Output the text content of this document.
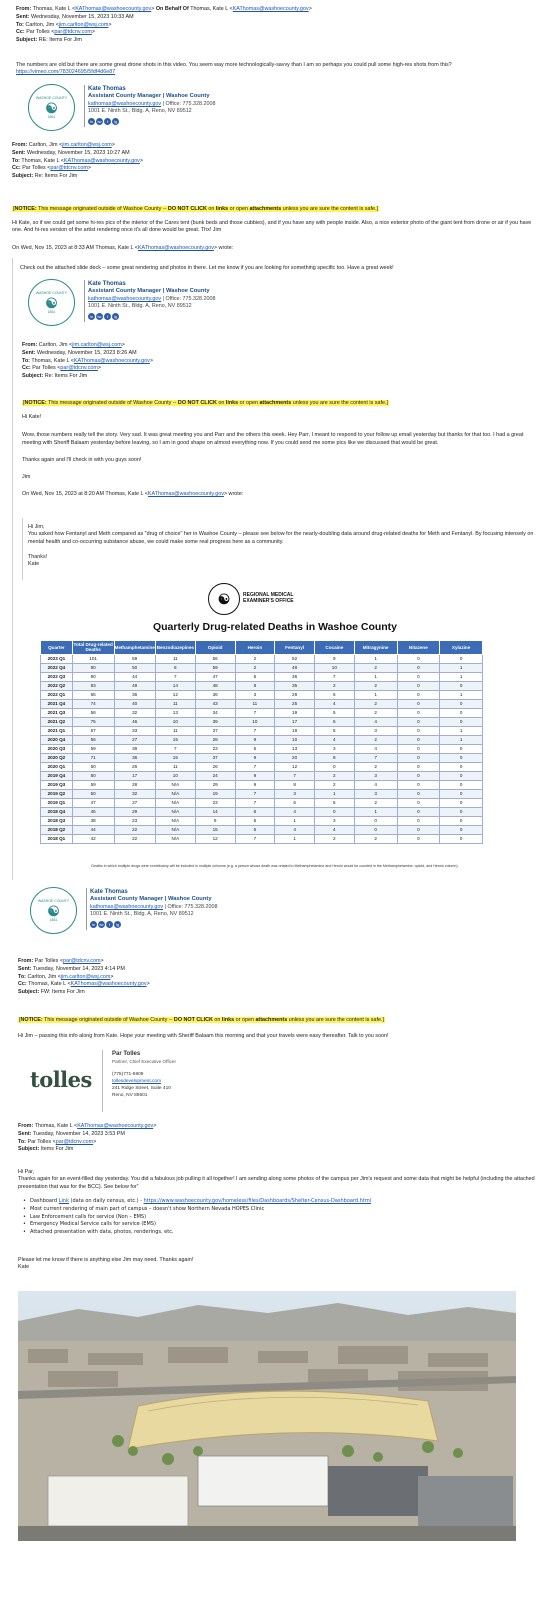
From: Thomas, Kate L <KAThomas@washoecounty.gov> On Behalf Of Thomas, Kate L <KAThomas@washoecounty.gov>
Sent: Wednesday, November 15, 2023 10:33 AM
To: Carlton, Jim <jim.carlton@wsj.com>
Cc: Par Tolles <par@tdcnv.com>
Subject: RE: Items For Jim
The numbers are old but there are some great drone shots in this video. You seem way more technologically-savvy than I am so perhaps you could pull some high-res shots from this?
https://vimeo.com/783024695/5fdf4d6e87
WASHOE COUNTY
☯
1861
Kate Thomas
Assistant County Manager | Washoe County
kathomas@washoecounty.gov | Office: 775.328.2008
1001 E. Ninth St., Bldg. A, Reno, NV 89512
in	tw	f	ig
From: Carlton, Jim <jim.carlton@wsj.com>
Sent: Wednesday, November 15, 2023 10:27 AM
To: Thomas, Kate L <KAThomas@washoecounty.gov>
Cc: Par Tolles <par@tdcnv.com>
Subject: Re: Items For Jim
[NOTICE: This message originated outside of Washoe County -- DO NOT CLICK on links or open attachments unless you are sure the content is safe.]
Hi Kate, so if we could get some hi-res pics of the interior of the Cares tent (bunk beds and those cubbies), and if you have any with people inside. Also, a nice exterior photo of the giant tent from drone or air if you have one. And hi-res version of the artist rendering once it's all done would be great. Thx! Jim
On Wed, Nov 15, 2023 at 8:33 AM Thomas, Kate L <KAThomas@washoecounty.gov> wrote:
Check out the attached slide deck – some great rendering and photos in there. Let me know if you are looking for something specific too. Have a great week!
WASHOE COUNTY
☯
1861
Kate Thomas
Assistant County Manager | Washoe County
kathomas@washoecounty.gov | Office: 775.328.2008
1001 E. Ninth St., Bldg. A, Reno, NV 89512
in	tw	f	ig
From: Carlton, Jim <jim.carlton@wsj.com>
Sent: Wednesday, November 15, 2023 8:26 AM
To: Thomas, Kate L <KAThomas@washoecounty.gov>
Cc: Par Tolles <par@tdcnv.com>
Subject: Re: Items For Jim
[NOTICE: This message originated outside of Washoe County -- DO NOT CLICK on links or open attachments unless you are sure the content is safe.]
Hi Kate!
Wow, those numbers really tell the story. Very sad. It was great meeting you and Parr and the others this week. Hey Parr, I meant to respond to your follow up email yesterday but thanks for that too. I had a great meeting with Sheriff Balaam yesterday before leaving, so I am in good shape on almost everything now. If you could send me some pics like we discussed that would be great.
Thanks again and I'll check in with you guys soon!
Jim
On Wed, Nov 15, 2023 at 8:20 AM Thomas, Kate L <KAThomas@washoecounty.gov> wrote:
Hi Jim,
You asked how Fentanyl and Meth compared as "drug of choice" her in Washoe County – please see below for the nearly-doubling data around drug-related deaths for Meth and Fentanyl. By focusing intensely on mental health and co-occurring substance abuse, we could make some real progress here as a community.
Thanks!
Kate
☯	REGIONAL MEDICAL
EXAMINER'S OFFICE
Quarterly Drug-related Deaths in Washoe County
Quarter	Total Drug-related Deaths	Methamphetamine	Benzodiazepines	Opioid	Heroin	Fentanyl	Cocaine	Mitragynine	Nitazene	Xylazine
2023 Q1	101	59	11	56	2	52	9	1	0	0
2022 Q4	90	50	8	59	2	48	10	2	0	1
2022 Q3	80	44	7	47	5	36	7	1	0	1
2022 Q2	83	49	14	48	8	35	2	2	0	0
2022 Q1	65	36	12	36	3	28	6	1	0	1
2021 Q4	74	40	11	43	11	25	4	2	0	0
2021 Q3	58	32	13	34	7	19	5	2	0	0
2021 Q2	75	46	10	39	10	17	6	4	0	0
2021 Q1	67	33	11	37	7	18	5	3	0	1
2020 Q4	56	27	15	28	9	10	4	2	0	1
2020 Q3	59	39	7	23	5	13	3	4	0	0
2020 Q2	71	36	15	37	9	20	8	7	0	0
2020 Q1	50	26	11	26	7	12	0	2	0	0
2019 Q4	50	17	10	24	9	7	2	3	0	0
2019 Q3	59	28	N/A	29	9	8	2	4	0	0
2019 Q2	50	32	N/A	19	7	3	1	3	0	0
2019 Q1	47	27	N/A	23	7	6	5	2	0	0
2018 Q4	46	29	N/A	14	6	4	0	1	0	0
2018 Q3	38	23	N/A	9	5	1	3	0	0	0
2018 Q2	44	22	N/A	15	5	4	4	0	0	0
2018 Q1	42	22	N/A	12	7	1	2	2	0	0
Deaths in which multiple drugs were contributory will be included in multiple columns (e.g. a person whose death was related to Methamphetamine and Heroin would be counted in the Methamphetamine, opioid, and Heroin column).
WASHOE COUNTY
☯
1861
Kate Thomas
Assistant County Manager | Washoe County
kathomas@washoecounty.gov | Office: 775.328.2008
1001 E. Ninth St., Bldg. A, Reno, NV 89512
in	tw	f	ig
From: Par Tolles <par@tdcnv.com>
Sent: Tuesday, November 14, 2023 4:14 PM
To: Carlton, Jim <jim.carlton@wsj.com>
Cc: Thomas, Kate L <KAThomas@washoecounty.gov>
Subject: FW: Items For Jim
[NOTICE: This message originated outside of Washoe County -- DO NOT CLICK on links or open attachments unless you are sure the content is safe.]
Hi Jim – passing this info along from Kate. Hope your meeting with Sheriff Balaam this morning and that your travels were easy thereafter. Talk to you soon!
tolles
Par Tolles
Partner, Chief Executive Officer
(775)771-6909
tollesdevelopment.com
241 Ridge Street, Suite 410
Reno, NV 89501
From: Thomas, Kate L <KAThomas@washoecounty.gov>
Sent: Tuesday, November 14, 2023 3:53 PM
To: Par Tolles <par@tdcnv.com>
Subject: Items For Jim
Hi Par,
Thanks again for an event-filled day yesterday. You did a fabulous job pulling it all together! I am sending along some photos of the campus per Jim's request and some data that might be helpful (including the attached presentation that was for the BCC). See below for”
• Dashboard Link (data on daily census, etc.) - https://www.washoecounty.gov/homeless/files/Dashboards/Shelter-Census-Dashboard.html
• Most current rendering of main part of campus – doesn't show Northern Nevada HOPES Clinic
• Law Enforcement calls for service (Non – EMS)
• Emergency Medical Service calls for service (EMS)
• Attached presentation with data, photos, renderings, etc.
Please let me know if there is anything else Jim may need. Thanks again!
Kate
